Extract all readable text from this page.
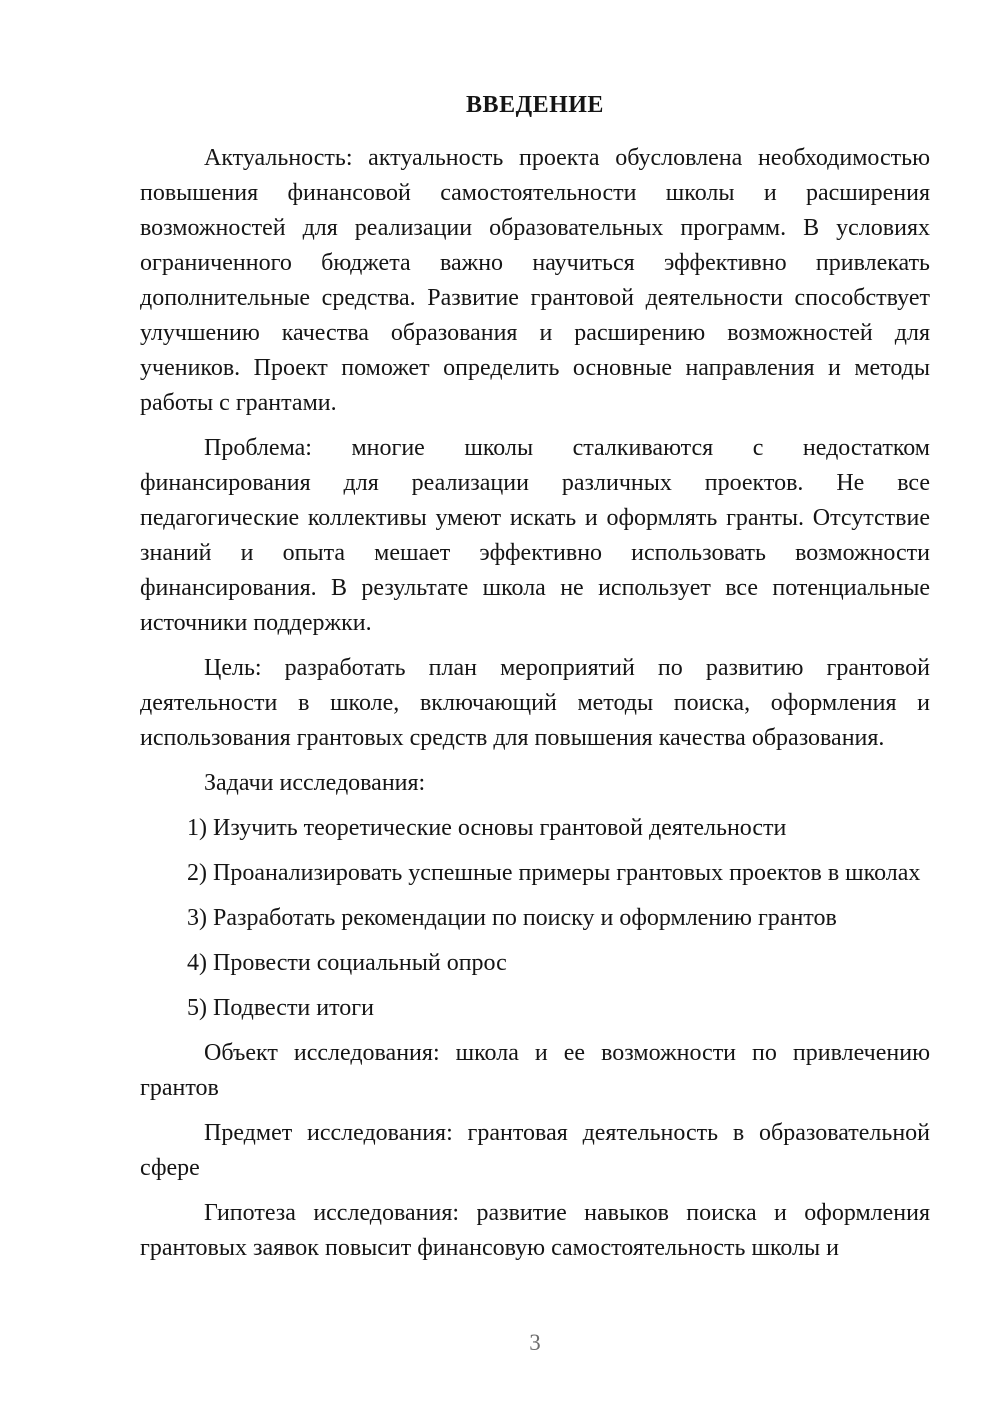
ВВЕДЕНИЕ

Актуальность: актуальность проекта обусловлена необходимостью повышения финансовой самостоятельности школы и расширения возможностей для реализации образовательных программ. В условиях ограниченного бюджета важно научиться эффективно привлекать дополнительные средства. Развитие грантовой деятельности способствует улучшению качества образования и расширению возможностей для учеников. Проект поможет определить основные направления и методы работы с грантами.

Проблема: многие школы сталкиваются с недостатком финансирования для реализации различных проектов. Не все педагогические коллективы умеют искать и оформлять гранты. Отсутствие знаний и опыта мешает эффективно использовать возможности финансирования. В результате школа не использует все потенциальные источники поддержки.

Цель: разработать план мероприятий по развитию грантовой деятельности в школе, включающий методы поиска, оформления и использования грантовых средств для повышения качества образования.

Задачи исследования:

1) Изучить теоретические основы грантовой деятельности

2) Проанализировать успешные примеры грантовых проектов в школах

3) Разработать рекомендации по поиску и оформлению грантов

4) Провести социальный опрос

5) Подвести итоги

Объект исследования: школа и ее возможности по привлечению грантов

Предмет исследования: грантовая деятельность в образовательной сфере

Гипотеза исследования: развитие навыков поиска и оформления грантовых заявок повысит финансовую самостоятельность школы и

3
